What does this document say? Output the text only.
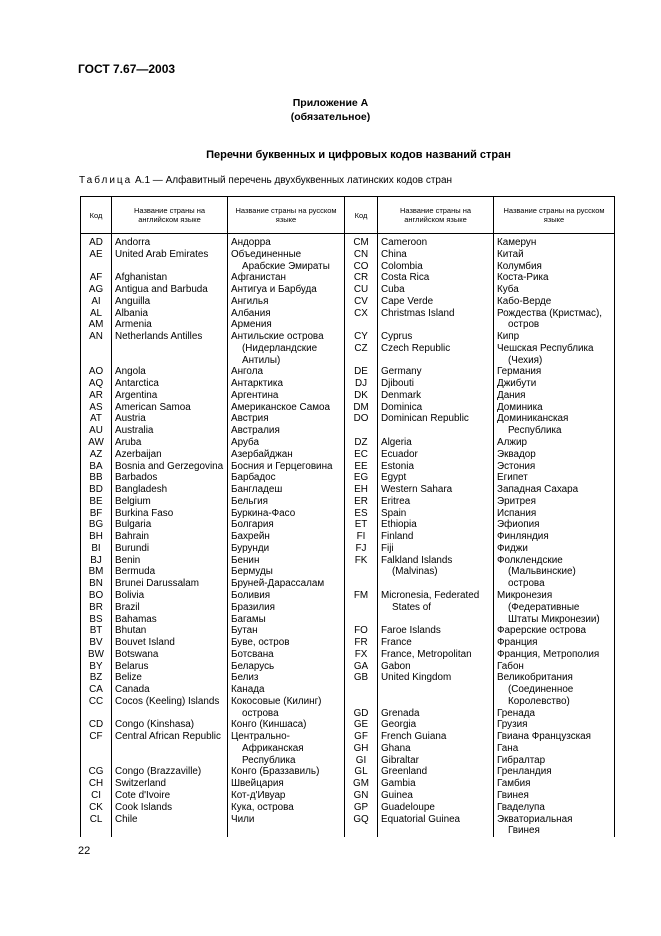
ГОСТ 7.67—2003
Приложение А
(обязательное)
Перечни буквенных и цифровых кодов названий стран
Таблица А.1 — Алфавитный перечень двухбуквенных латинских кодов стран
Код	Название страны на английском языке	Название страны на русском языке	Код	Название страны на английском языке	Название страны на русском языке
AD	Andorra	Андорра	CM	Cameroon	Камерун
AE	United Arab Emirates	Объединенные	CN	China	Китай
		Арабские Эмираты	CO	Colombia	Колумбия
AF	Afghanistan	Афганистан	CR	Costa Rica	Коста-Рика
AG	Antigua and Barbuda	Антигуа и Барбуда	CU	Cuba	Куба
AI	Anguilla	Ангилья	CV	Cape Verde	Кабо-Верде
AL	Albania	Албания	CX	Christmas Island	Рождества (Кристмас),
AM	Armenia	Армения			остров
AN	Netherlands Antilles	Антильские острова	CY	Cyprus	Кипр
		(Нидерландские	CZ	Czech Republic	Чешская Республика
		Антилы)			(Чехия)
AO	Angola	Ангола	DE	Germany	Германия
AQ	Antarctica	Антарктика	DJ	Djibouti	Джибути
AR	Argentina	Аргентина	DK	Denmark	Дания
AS	American Samoa	Американское Самоа	DM	Dominica	Доминика
AT	Austria	Австрия	DO	Dominican Republic	Доминиканская
AU	Australia	Австралия			Республика
AW	Aruba	Аруба	DZ	Algeria	Алжир
AZ	Azerbaijan	Азербайджан	EC	Ecuador	Эквадор
BA	Bosnia and Gerzegovina	Босния и Герцеговина	EE	Estonia	Эстония
BB	Barbados	Барбадос	EG	Egypt	Египет
BD	Bangladesh	Бангладеш	EH	Western Sahara	Западная Сахара
BE	Belgium	Бельгия	ER	Eritrea	Эритрея
BF	Burkina Faso	Буркина-Фасо	ES	Spain	Испания
BG	Bulgaria	Болгария	ET	Ethiopia	Эфиопия
BH	Bahrain	Бахрейн	FI	Finland	Финляндия
BI	Burundi	Бурунди	FJ	Fiji	Фиджи
BJ	Benin	Бенин	FK	Falkland Islands	Фолклендские
BM	Bermuda	Бермуды		(Malvinas)	(Мальвинские)
BN	Brunei Darussalam	Бруней-Дарассалам			острова
BO	Bolivia	Боливия	FM	Micronesia, Federated	Микронезия
BR	Brazil	Бразилия		States of	(Федеративные
BS	Bahamas	Багамы			Штаты Микронезии)
BT	Bhutan	Бутан	FO	Faroe Islands	Фарерские острова
BV	Bouvet Island	Буве, остров	FR	France	Франция
BW	Botswana	Ботсвана	FX	France, Metropolitan	Франция, Метрополия
BY	Belarus	Беларусь	GA	Gabon	Габон
BZ	Belize	Белиз	GB	United Kingdom	Великобритания
CA	Canada	Канада			(Соединенное
CC	Cocos (Keeling) Islands	Кокосовые (Килинг)			Королевство)
		острова	GD	Grenada	Гренада
CD	Congo (Kinshasa)	Конго (Киншаса)	GE	Georgia	Грузия
CF	Central African Republic	Центрально-	GF	French Guiana	Гвиана Французская
		Африканская	GH	Ghana	Гана
		Республика	GI	Gibraltar	Гибралтар
CG	Congo (Brazzaville)	Конго (Браззавиль)	GL	Greenland	Гренландия
CH	Switzerland	Швейцария	GM	Gambia	Гамбия
CI	Cote d'Ivoire	Кот-д'Ивуар	GN	Guinea	Гвинея
CK	Cook Islands	Кука, острова	GP	Guadeloupe	Гваделупа
CL	Chile	Чили	GQ	Equatorial Guinea	Экваториальная
					Гвинея
22
